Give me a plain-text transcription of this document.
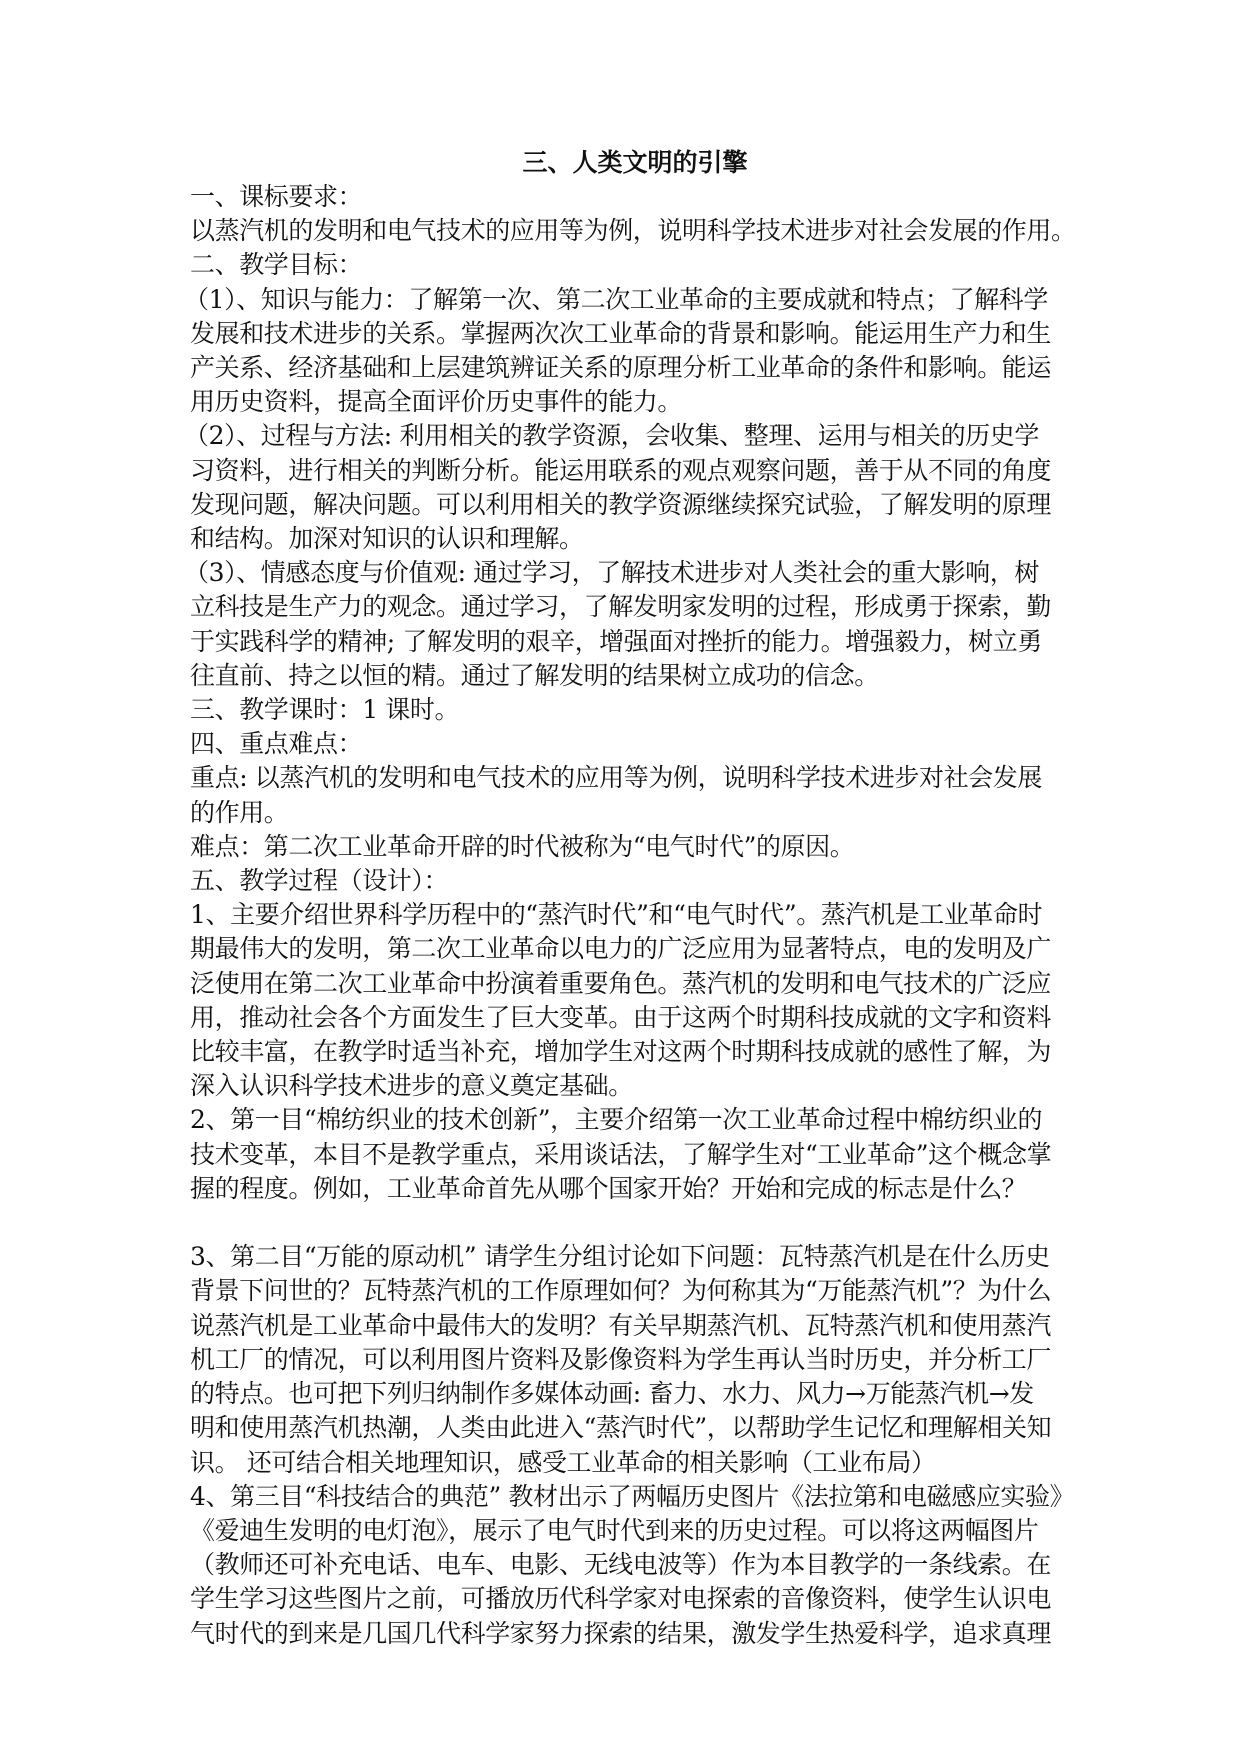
三、人类文明的引擎
一、课标要求：
以蒸汽机的发明和电气技术的应用等为例，说明科学技术进步对社会发展的作用。
二、教学目标：
（1）、知识与能力：了解第一次、第二次工业革命的主要成就和特点；了解科学
发展和技术进步的关系。掌握两次次工业革命的背景和影响。能运用生产力和生
产关系、经济基础和上层建筑辨证关系的原理分析工业革命的条件和影响。能运
用历史资料，提高全面评价历史事件的能力。
（2）、过程与方法: 利用相关的教学资源，会收集、整理、运用与相关的历史学
习资料，进行相关的判断分析。能运用联系的观点观察问题，善于从不同的角度
发现问题，解决问题。可以利用相关的教学资源继续探究试验，了解发明的原理
和结构。加深对知识的认识和理解。
（3）、情感态度与价值观: 通过学习，了解技术进步对人类社会的重大影响，树
立科技是生产力的观念。通过学习，了解发明家发明的过程，形成勇于探索，勤
于实践科学的精神; 了解发明的艰辛，增强面对挫折的能力。增强毅力，树立勇
往直前、持之以恒的精。通过了解发明的结果树立成功的信念。
三、教学课时：1 课时。
四、重点难点：
重点: 以蒸汽机的发明和电气技术的应用等为例，说明科学技术进步对社会发展
的作用。
难点：第二次工业革命开辟的时代被称为“电气时代”的原因。
五、教学过程（设计）：
1、主要介绍世界科学历程中的“蒸汽时代”和“电气时代”。蒸汽机是工业革命时
期最伟大的发明，第二次工业革命以电力的广泛应用为显著特点，电的发明及广
泛使用在第二次工业革命中扮演着重要角色。蒸汽机的发明和电气技术的广泛应
用，推动社会各个方面发生了巨大变革。由于这两个时期科技成就的文字和资料
比较丰富，在教学时适当补充，增加学生对这两个时期科技成就的感性了解，为
深入认识科学技术进步的意义奠定基础。
2、第一目“棉纺织业的技术创新”，主要介绍第一次工业革命过程中棉纺织业的
技术变革，本目不是教学重点，采用谈话法，了解学生对“工业革命”这个概念掌
握的程度。例如，工业革命首先从哪个国家开始？开始和完成的标志是什么？
3、第二目“万能的原动机” 请学生分组讨论如下问题：瓦特蒸汽机是在什么历史
背景下问世的？瓦特蒸汽机的工作原理如何？为何称其为“万能蒸汽机”？为什么
说蒸汽机是工业革命中最伟大的发明？有关早期蒸汽机、瓦特蒸汽机和使用蒸汽
机工厂的情况，可以利用图片资料及影像资料为学生再认当时历史，并分析工厂
的特点。也可把下列归纳制作多媒体动画: 畜力、水力、风力→万能蒸汽机→发
明和使用蒸汽机热潮，人类由此进入“蒸汽时代”，以帮助学生记忆和理解相关知
识。 还可结合相关地理知识，感受工业革命的相关影响（工业布局）
4、第三目“科技结合的典范” 教材出示了两幅历史图片《法拉第和电磁感应实验》
《爱迪生发明的电灯泡》，展示了电气时代到来的历史过程。可以将这两幅图片
（教师还可补充电话、电车、电影、无线电波等）作为本目教学的一条线索。在
学生学习这些图片之前，可播放历代科学家对电探索的音像资料，使学生认识电
气时代的到来是几国几代科学家努力探索的结果，激发学生热爱科学，追求真理
